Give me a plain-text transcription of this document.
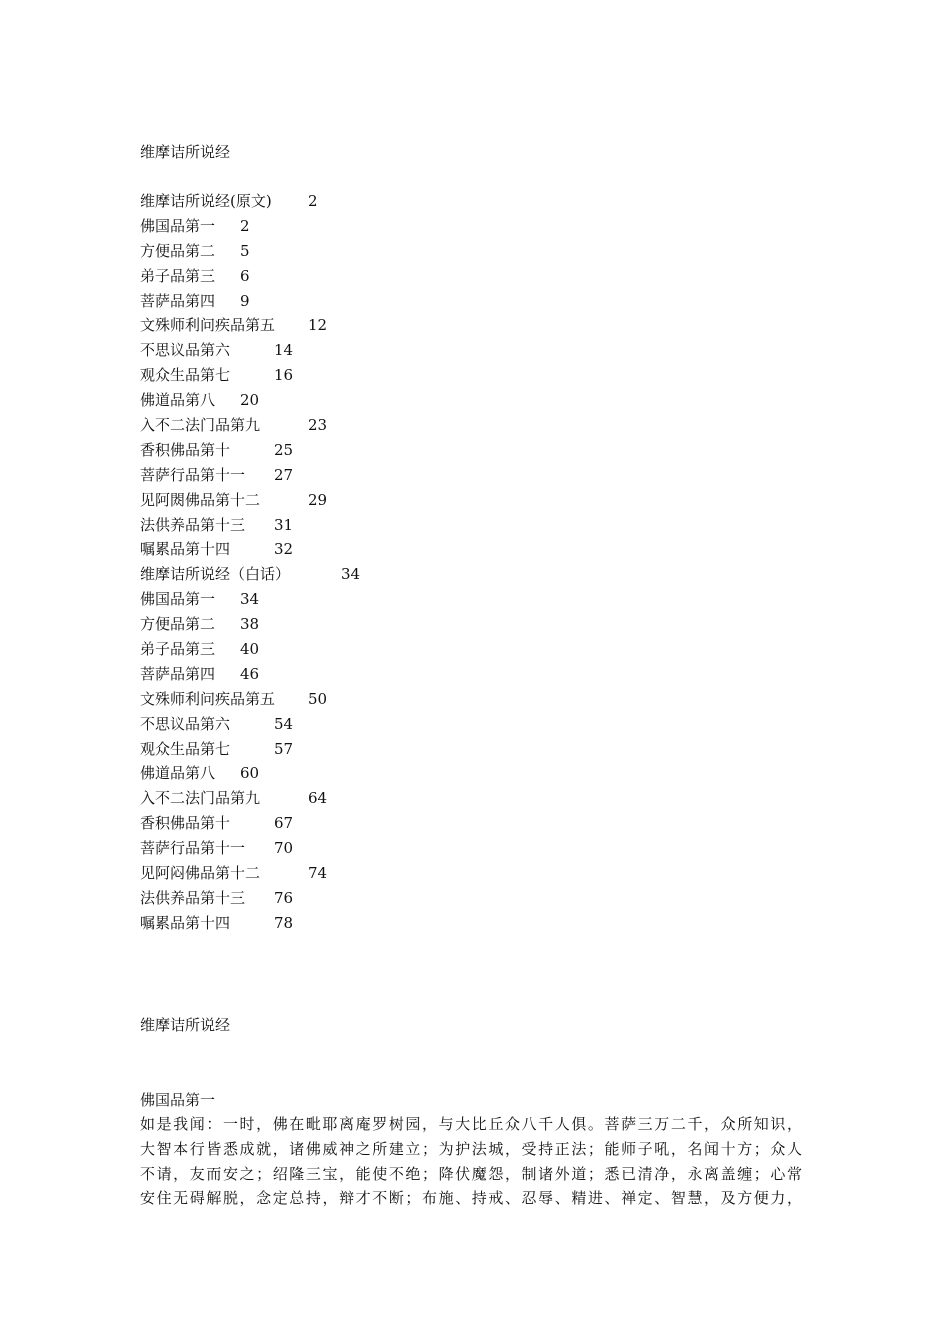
维摩诘所说经
维摩诘所说经(原文) 2
佛国品第一 2
方便品第二 5
弟子品第三 6
菩萨品第四 9
文殊师利问疾品第五 12
不思议品第六	14
观众生品第七	16
佛道品第八 20
入不二法门品第九	23
香积佛品第十	25
菩萨行品第十一 27
见阿閦佛品第十二	29
法供养品第十三 31
嘱累品第十四	32
维摩诘所说经（白话）	34
佛国品第一 34
方便品第二 38
弟子品第三 40
菩萨品第四 46
文殊师利问疾品第五 50
不思议品第六	54
观众生品第七	57
佛道品第八 60
入不二法门品第九	64
香积佛品第十	67
菩萨行品第十一 70
见阿闷佛品第十二	74
法供养品第十三 76
嘱累品第十四	78
维摩诘所说经
佛国品第一
如是我闻：一时，佛在毗耶离庵罗树园，与大比丘众八千人俱。菩萨三万二千，众所知识，
大智本行皆悉成就，诸佛威神之所建立；为护法城，受持正法；能师子吼，名闻十方；众人
不请，友而安之；绍隆三宝，能使不绝；降伏魔怨，制诸外道；悉已清净，永离盖缠；心常
安住无碍解脱，念定总持，辩才不断；布施、持戒、忍辱、精进、禅定、智慧，及方便力，
